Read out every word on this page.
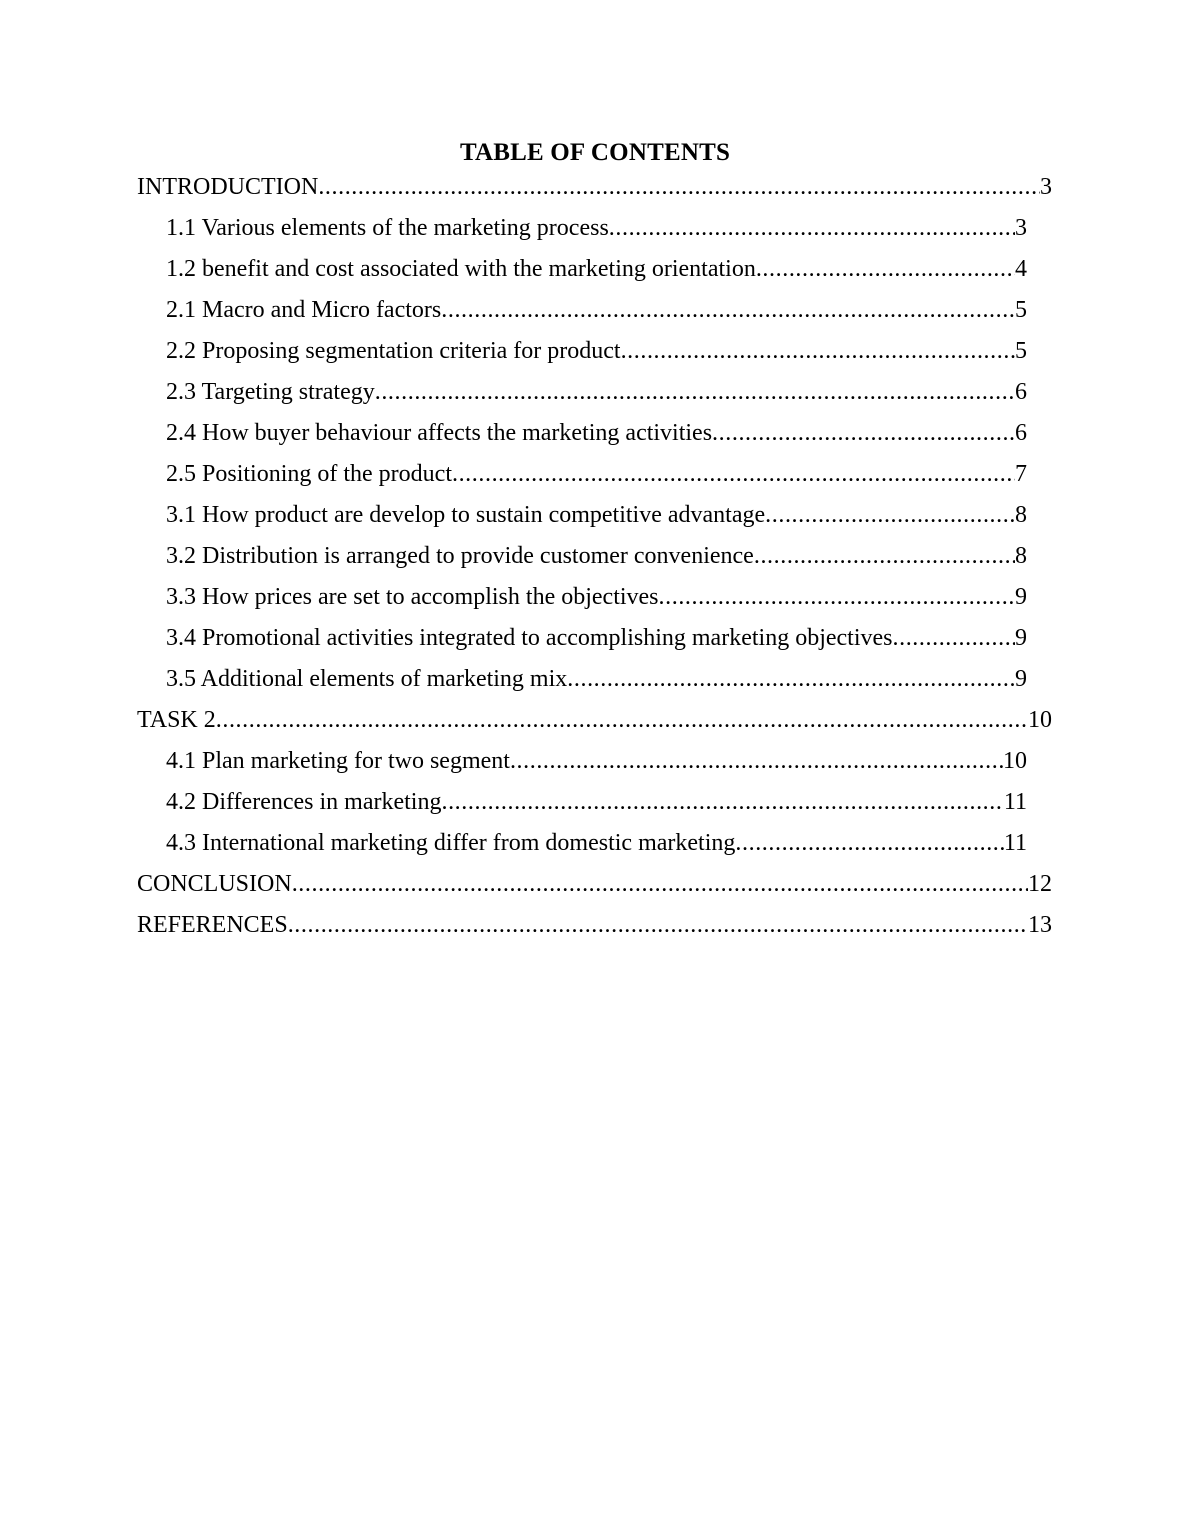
TABLE OF CONTENTS
INTRODUCTION .....	3
1.1 Various elements of the marketing process .....	3
1.2 benefit and cost associated with the marketing orientation .....	4
2.1 Macro and Micro factors .....	5
2.2 Proposing segmentation criteria for product .....	5
2.3 Targeting strategy .....	6
2.4 How buyer behaviour affects the marketing activities .....	6
2.5 Positioning of the product .....	7
3.1 How product are develop to sustain competitive advantage .....	8
3.2 Distribution is arranged to provide customer convenience .....	8
3.3 How prices are set to accomplish the objectives .....	9
3.4 Promotional activities integrated to accomplishing marketing objectives .....	9
3.5 Additional elements of marketing mix .....	9
TASK 2 .....	10
4.1 Plan marketing for two segment .....	10
4.2 Differences in marketing .....	11
4.3 International marketing differ from domestic marketing .....	11
CONCLUSION .....	12
REFERENCES .....	13
